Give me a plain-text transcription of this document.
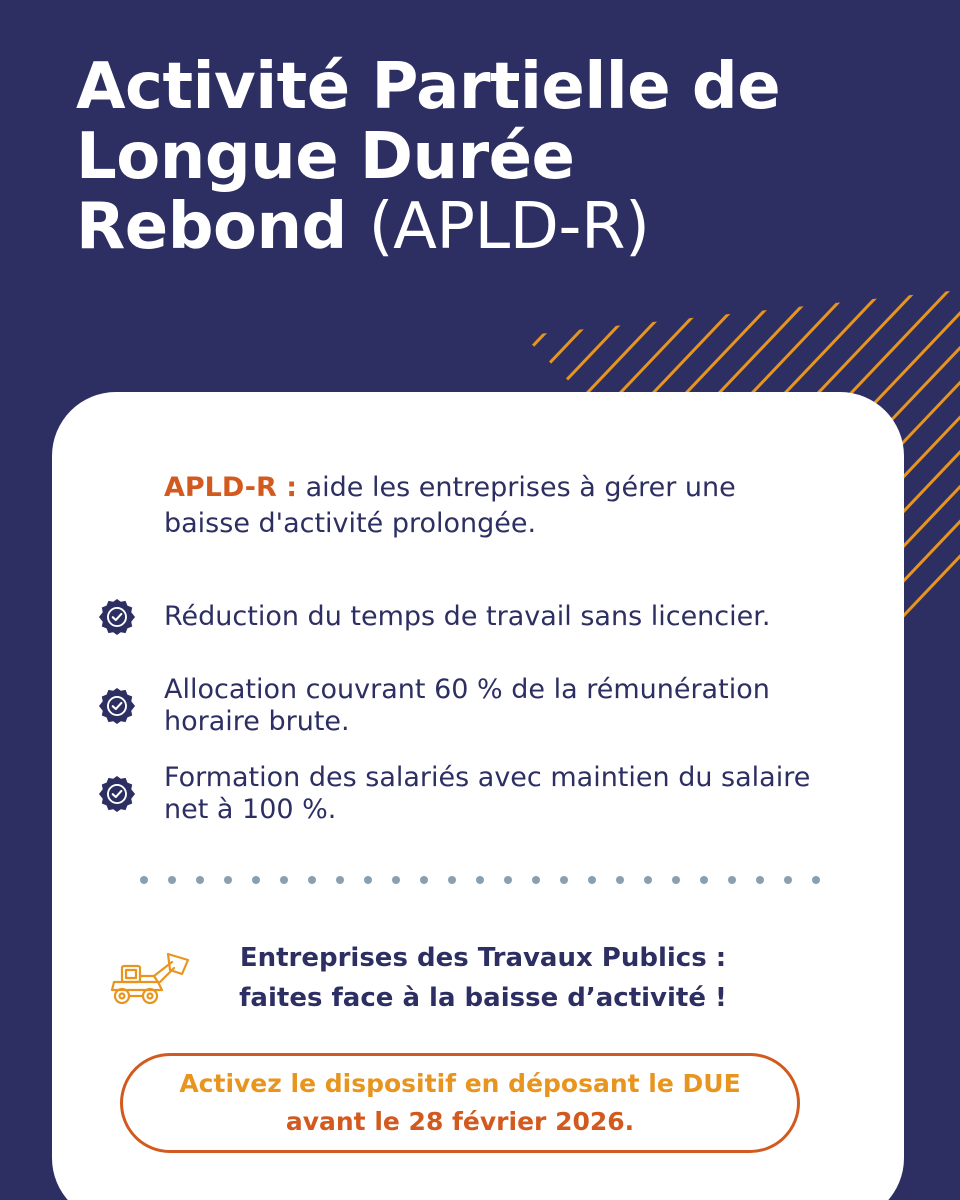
Activité Partielle de
Longue Durée
Rebond (APLD-R)
APLD-R : aide les entreprises à gérer une baisse d'activité prolongée.
Réduction du temps de travail sans licencier.
Allocation couvrant 60 % de la rémunération horaire brute.
Formation des salariés avec maintien du salaire net à 100 %.
Entreprises des Travaux Publics :
faites face à la baisse d’activité !
Activez le dispositif en déposant le DUE
avant le 28 février 2026.
